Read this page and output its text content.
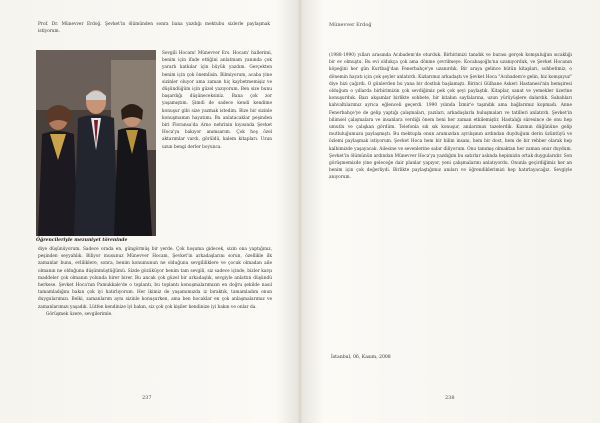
Prof. Dr. Münevver Erdoğ. Şevket'in ölümünden sonra bana yazdığı mektubu sizlerle paylaşmak istiyorum.

Öğrencileriyle mezuniyet töreninde

Sevgili Hocam! Münevver Ers. Hocam' hallerimi, benim için ifade ettiğini anlatmam yanında çok yararlı katkılar için büyük yazdım. Gerçekten benim için çok önemlisin. Bilmiyorum, acaba yine sizinler oluyor ama zaman hiç kaybetmemişiz ve düşündüğüm için güzel yazıyorum. Ben size bunu başardığı düşüneceksiniz. Bana çok zor yaşamıştım. Şimdi de sadece kendi kendime konuşur gibi size yazmak istedim. Bize bir sizinle konuşmamın hayatımı. Bu anlatacaklar peşinden biri Floransa'da Arno nehrinin kıyısında Şevket Hoca'ya bakıyor anımsarım. Çok hoş özel aktarımlar vardı, görüldü, kalem kitapları. Uzun uzun bengi derler boyunca.

diye düşünüyorum. Sadece orada en, güngörmüş bir yerde. Çok hoşuma gidecek, sizin ona yaptığınız, peşinden seyyahlık. Biliyor musunuz Münevver Hocam, Şevket'in arkadaşlarını sorun, özellikle ilk zamanlar bunu, evliliklere, sonra, benim konumunun ne olduğunu sevgililiklere ve çocuk olmadan aile olmanın ne olduğuna düşünmüştüğümü. Sizde gözüküyor benim tam sevgili, siz sadece içinde, bizler karşı maddeler çok olmanın yolunda birer birer. Bu ancak çok güzel bir arkadaşlık, sevgiyle anlattın düşündü herkese. Şevket Hoca'nın Pamukkale'de o toplantı, bu toplantı konuşmalarımızın en doğru şekilde nasıl tamamladığını bakın çok iyi hatırlıyorum. Her ikimiz de yaşamımızda iz bıraktık, tamamladım onun duygularımızı. Belki, zamanlarım aynı sizinle konuşurken, ama ben hocaklar en çok anlaşmalarımız ve zamanlarımızı yaşadık. Lütfen kendinize iyi bakın, siz çok çok kişiler kendinize iyi bakın ve onlar da.

Görüşmek üzere, sevgilerimle.

237
Münevver Erdoğ

(1988-1990) yılları arasında Acıbadem'de oturduk. Birbirimizi tanıdık ve burası gerçek komşuluğun sıcaklığı bir ev olmuştu. Bu evi oldukça çok ama dönme çevrilmeye. Kocabaşoğlu'na uzanıyorduk, ve Şevket Hocanın köpeğini her gün Kurtbağ'dan Fenerbahçe'ye uzanırdık. Bir araya gelince bütün kitapları, sohbetimiz, o dönemin hayatı için çok şeyler anlatırdı. Kızlarımız arkadaştı ve Şevket Hoca "Acıbadem'e gelin, biz komşuyuz" diye bizi çağırdı. O günlerden bu yana bir dostluk başlamıştı. Birinci Gülhane Askeri Hastanesi'nin hemşiresi olduğum o yıllarda birbirimizin çok sevdiğimiz pek çok şeyi paylaştık. Kitaplar, sanat ve yemekler üzerine konuşurduk. Bazı akşamlar birlikte sohbete, bir kitabın sayfalarına, uzun yürüyüşlere dalardık. Sabahları kahvaltılarımız ayrıca eğlenceli geçerdi. 1990 yılında İzmir'e taşındık ama bağlarımız kopmadı. Anne Fenerbahçe'ye de gelip yaptığı çalışmaları, yazıları, arkadaşlarla buluşmaları ve tatilleri anlatırdı. Şevket'in bilimsel çalışmalara ve insanlara verdiği önem beni her zaman etkilemiştir. Hastalığı süresince de onu hep umutlu ve çalışkan gördüm. Telefonla sık sık konuşur, anılarımızı tazelerdik. Kızımın düğününe gelip mutluluğumuzu paylaşmıştı. Bu mektupla onun aramızdan ayrılışının ardından duyduğum derin üzüntüyü ve özlemi paylaşmak istiyorum. Şevket Hoca hem bir bilim insanı, hem bir dost, hem de bir rehber olarak hep kalbimizde yaşayacak. Ailesine ve sevenlerine sabır diliyorum. Onu tanımış olmaktan her zaman onur duydum. Şevket'in ölümünün ardından Münevver Hoca'ya yazdığım bu satırlar aslında hepimizin ortak duygularıdır. Son görüşmemizde yine geleceğe dair planlar yapıyor, yeni çalışmalarını anlatıyordu. Onunla geçirdiğimiz her an benim için çok değerliydi. Birlikte paylaştığımız anıları ve öğrendiklerimizi hep hatırlayacağız. Sevgiyle anıyorum.

İstanbul, 06, Kasım, 2008
238
